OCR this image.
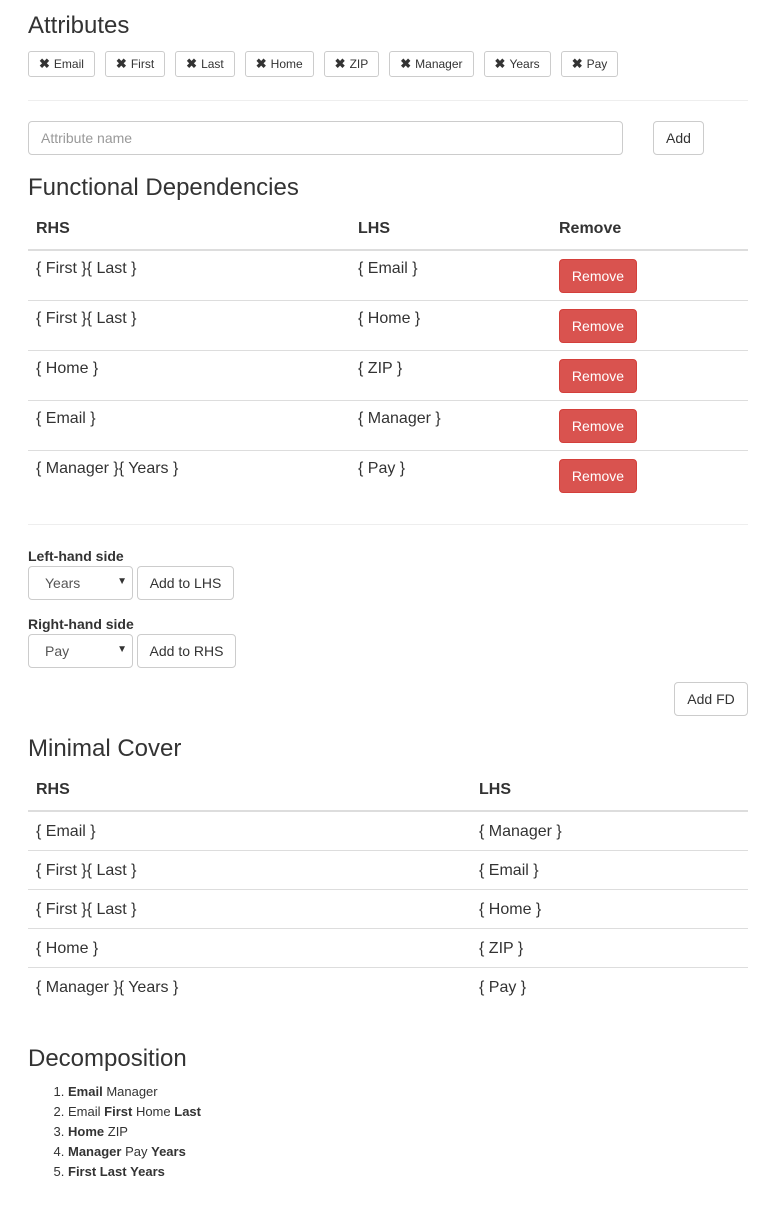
Attributes
✖ Email ✖ First ✖ Last ✖ Home ✖ ZIP ✖ Manager ✖ Years ✖ Pay
Attribute name
Add
Functional Dependencies
RHS	LHS	Remove
{ First }{ Last }	{ Email }	Remove
{ First }{ Last }	{ Home }	Remove
{ Home }	{ ZIP }	Remove
{ Email }	{ Manager }	Remove
{ Manager }{ Years }	{ Pay }	Remove
Left-hand side
Years	▼	Add to LHS
Right-hand side
Pay	▼	Add to RHS
Add FD
Minimal Cover
RHS	LHS
{ Email }	{ Manager }
{ First }{ Last }	{ Email }
{ First }{ Last }	{ Home }
{ Home }	{ ZIP }
{ Manager }{ Years }	{ Pay }
Decomposition
1. Email Manager
2. Email First Home Last
3. Home ZIP
4. Manager Pay Years
5. First Last Years
